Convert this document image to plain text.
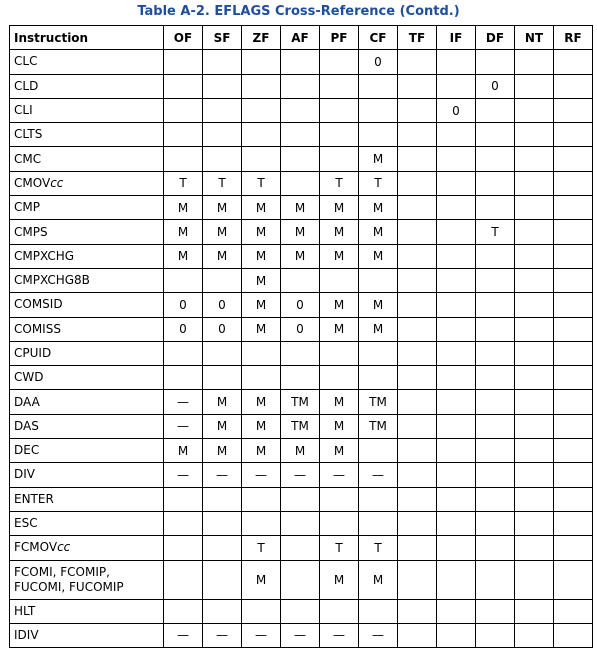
Table A-2. EFLAGS Cross-Reference (Contd.)
Instruction	OF	SF	ZF	AF	PF	CF	TF	IF	DF	NT	RF
CLC						0					
CLD									0		
CLI								0			
CLTS											
CMC						M					
CMOVcc	T	T	T		T	T					
CMP	M	M	M	M	M	M					
CMPS	M	M	M	M	M	M			T		
CMPXCHG	M	M	M	M	M	M					
CMPXCHG8B			M								
COMSID	0	0	M	0	M	M					
COMISS	0	0	M	0	M	M					
CPUID											
CWD											
DAA	—	M	M	TM	M	TM					
DAS	—	M	M	TM	M	TM					
DEC	M	M	M	M	M						
DIV	—	—	—	—	—	—					
ENTER											
ESC											
FCMOVcc			T		T	T					
FCOMI, FCOMIP, FUCOMI, FUCOMIP			M		M	M					
HLT											
IDIV	—	—	—	—	—	—					
